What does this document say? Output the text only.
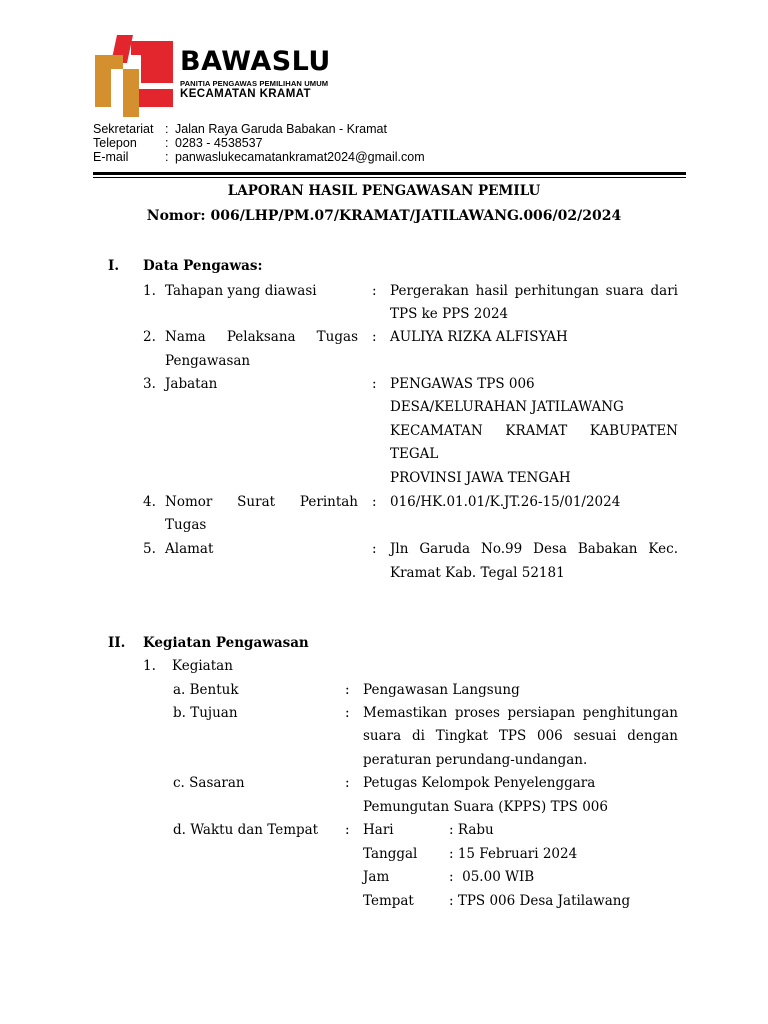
BAWASLU
PANITIA PENGAWAS PEMILIHAN UMUM
KECAMATAN KRAMAT
Sekretariat : Jalan Raya Garuda Babakan - Kramat
Telepon : 0283 - 4538537
E-mail	: panwaslukecamatankramat2024@gmail.com
LAPORAN HASIL PENGAWASAN PEMILU
Nomor: 006/LHP/PM.07/KRAMAT/JATILAWANG.006/02/2024
I. Data Pengawas:
1. Tahapan yang diawasi	: Pergerakan hasil perhitungan suara dari
TPS ke PPS 2024
2. Nama Pelaksana Tugas
Pengawasan
: AULIYA RIZKA ALFISYAH
3. Jabatan	: PENGAWAS TPS 006
DESA/KELURAHAN JATILAWANG
KECAMATAN KRAMAT KABUPATEN
TEGAL
PROVINSI JAWA TENGAH
4. Nomor Surat Perintah
Tugas
: 016/HK.01.01/K.JT.26-15/01/2024
5. Alamat	: Jln Garuda No.99 Desa Babakan Kec.
Kramat Kab. Tegal 52181
II. Kegiatan Pengawasan
1. Kegiatan
a. Bentuk	: Pengawasan Langsung
b. Tujuan	: Memastikan proses persiapan penghitungan
suara di Tingkat TPS 006 sesuai dengan
peraturan perundang-undangan.
c. Sasaran	: Petugas Kelompok Penyelenggara
Pemungutan Suara (KPPS) TPS 006
d. Waktu dan Tempat : Hari	: Rabu
Tanggal : 15 Februari 2024
Jam	:  05.00 WIB
Tempat	: TPS 006 Desa Jatilawang
